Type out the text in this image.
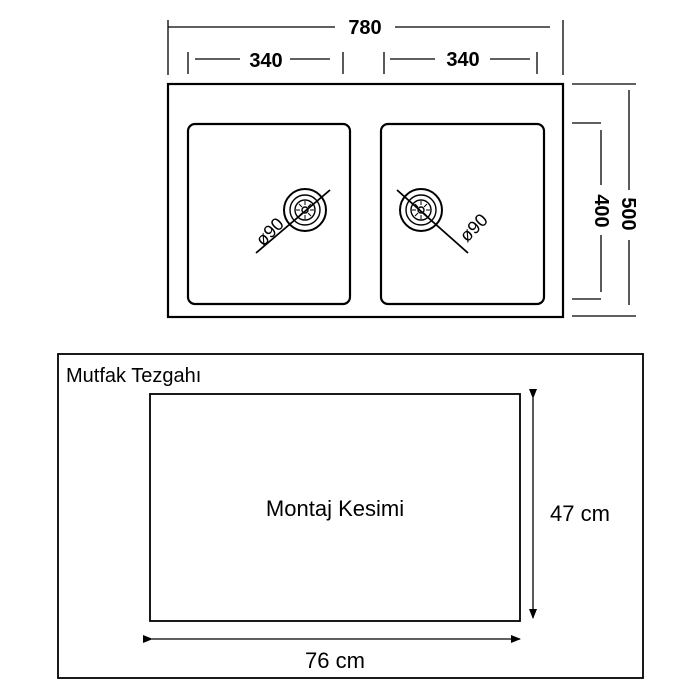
780
340	340
ø90	ø90	500
400
Mutfak Tezgahı
Montaj Kesimi	47 cm
76 cm
